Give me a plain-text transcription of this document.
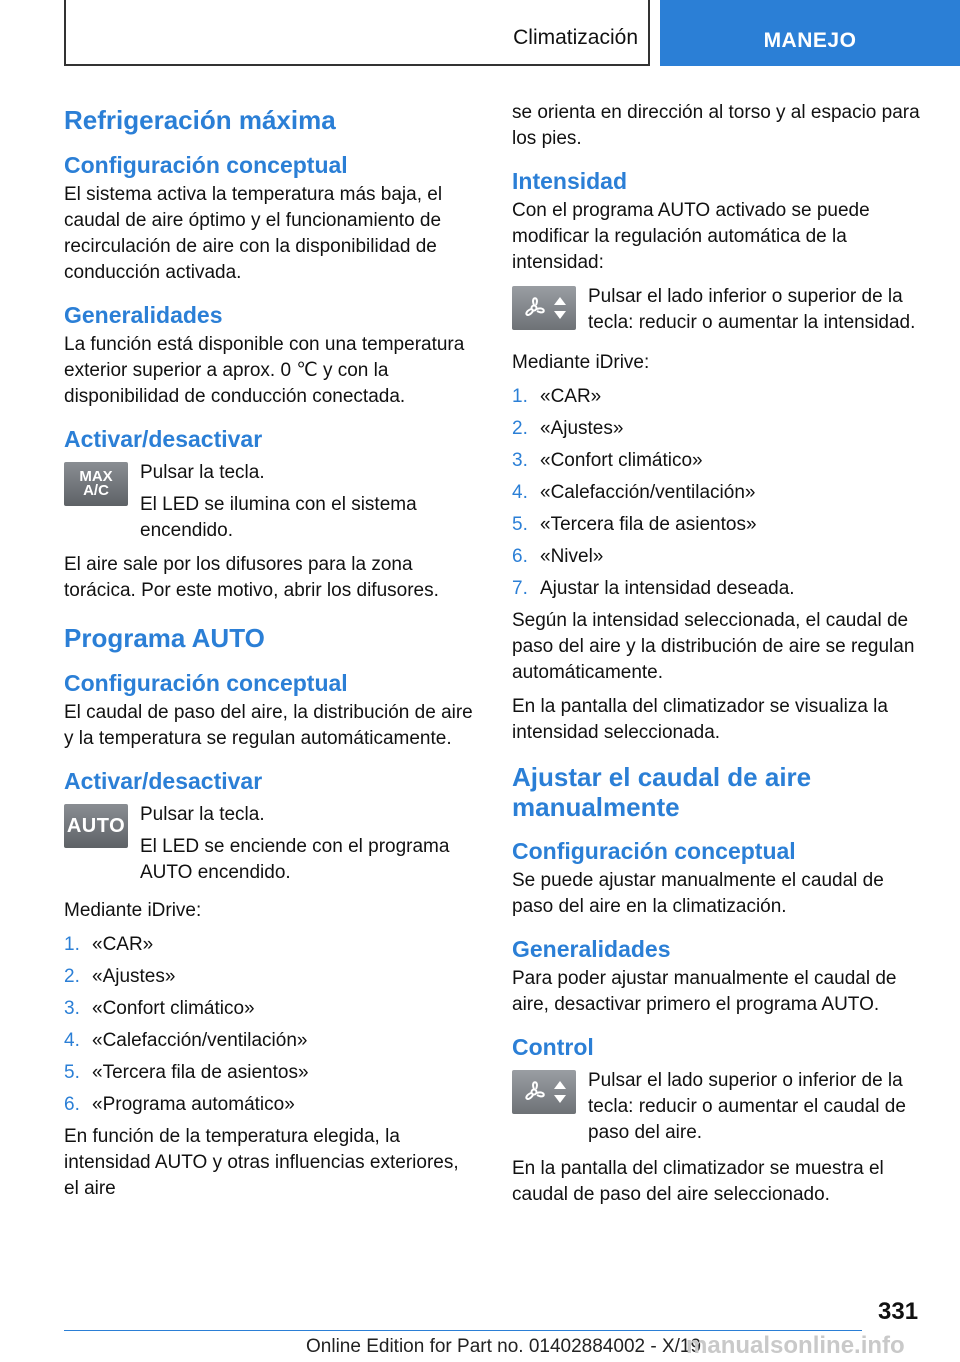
Climatización	MANEJO
Refrigeración máxima
Configuración conceptual

El sistema activa la temperatura más baja, el caudal de aire óptimo y el funcionamiento de recirculación de aire con la disponibilidad de conducción activada.

Generalidades

La función está disponible con una temperatura exterior superior a aprox. 0 ℃ y con la disponibilidad de conducción conectada.

Activar/desactivar
MAX
A/C

Pulsar la tecla.

El LED se ilumina con el sistema encendido.

El aire sale por los difusores para la zona torácica. Por este motivo, abrir los difusores.

Programa AUTO
Configuración conceptual

El caudal de paso del aire, la distribución de aire y la temperatura se regulan automáticamente.

Activar/desactivar
AUTO

Pulsar la tecla.

El LED se enciende con el programa AUTO encendido.

Mediante iDrive:

1. «CAR»
2. «Ajustes»
3. «Confort climático»
4. «Calefacción/ventilación»
5. «Tercera fila de asientos»
6. «Programa automático»

En función de la temperatura elegida, la intensidad AUTO y otras influencias exteriores, el aire

se orienta en dirección al torso y al espacio para los pies.

Intensidad

Con el programa AUTO activado se puede modificar la regulación automática de la intensidad:

Pulsar el lado inferior o superior de la tecla: reducir o aumentar la intensidad.

Mediante iDrive:

1. «CAR»
2. «Ajustes»
3. «Confort climático»
4. «Calefacción/ventilación»
5. «Tercera fila de asientos»
6. «Nivel»
7. Ajustar la intensidad deseada.

Según la intensidad seleccionada, el caudal de paso del aire y la distribución de aire se regulan automáticamente.

En la pantalla del climatizador se visualiza la intensidad seleccionada.

Ajustar el caudal de aire manualmente
Configuración conceptual

Se puede ajustar manualmente el caudal de paso del aire en la climatización.

Generalidades

Para poder ajustar manualmente el caudal de aire, desactivar primero el programa AUTO.

Control

Pulsar el lado superior o inferior de la tecla: reducir o aumentar el caudal de paso del aire.

En la pantalla del climatizador se muestra el caudal de paso del aire seleccionado.

331
Online Edition for Part no. 01402884002 - X/19
manualsonline.info
